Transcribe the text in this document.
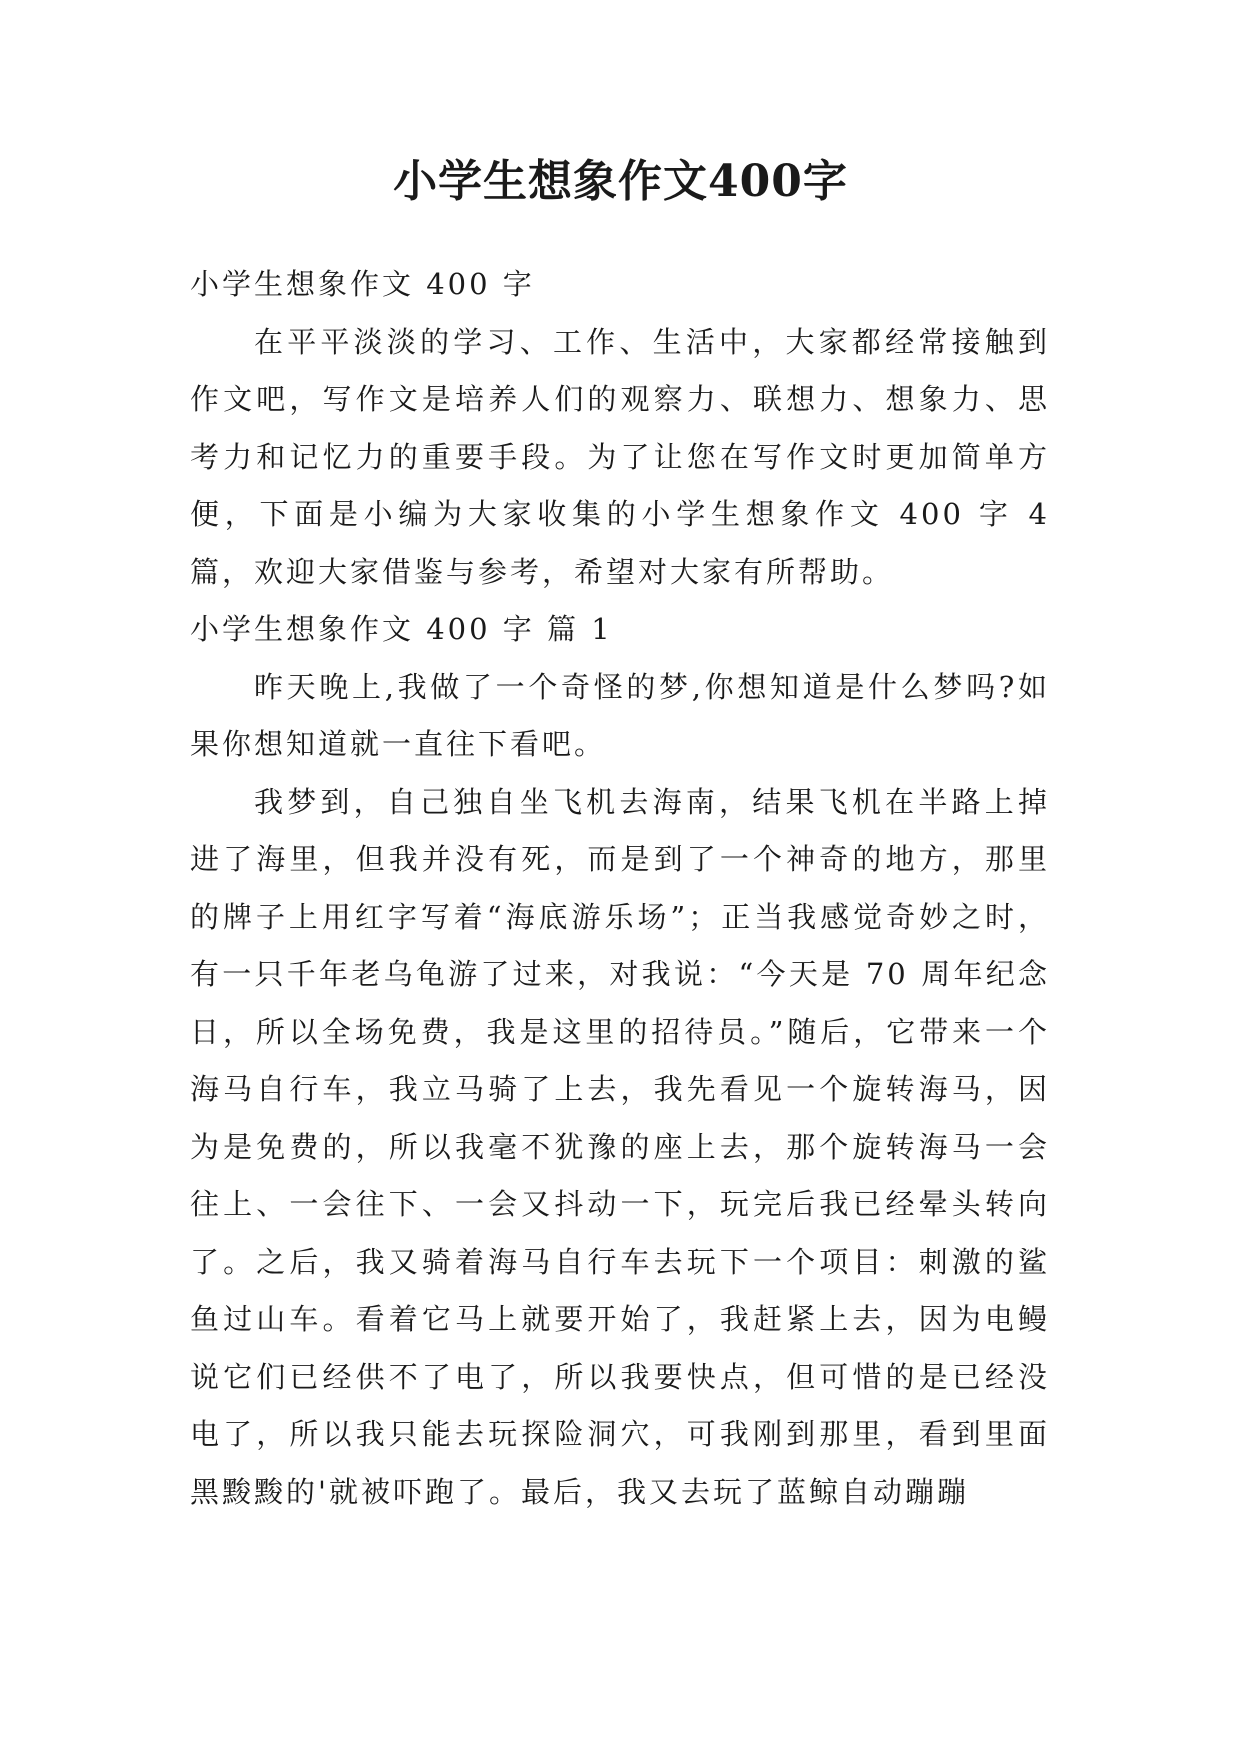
小学生想象作文400字

小学生想象作文 400 字

在平平淡淡的学习、工作、生活中，大家都经常接触到作文吧，写作文是培养人们的观察力、联想力、想象力、思考力和记忆力的重要手段。为了让您在写作文时更加简单方便，下面是小编为大家收集的小学生想象作文 400 字 4 篇，欢迎大家借鉴与参考，希望对大家有所帮助。

小学生想象作文 400 字 篇 1

昨天晚上,我做了一个奇怪的梦,你想知道是什么梦吗?如果你想知道就一直往下看吧。

我梦到，自己独自坐飞机去海南，结果飞机在半路上掉进了海里，但我并没有死，而是到了一个神奇的地方，那里的牌子上用红字写着“海底游乐场”；正当我感觉奇妙之时，有一只千年老乌龟游了过来，对我说：“今天是 70 周年纪念日，所以全场免费，我是这里的招待员。”随后，它带来一个海马自行车，我立马骑了上去，我先看见一个旋转海马，因为是免费的，所以我毫不犹豫的座上去，那个旋转海马一会往上、一会往下、一会又抖动一下，玩完后我已经晕头转向了。之后，我又骑着海马自行车去玩下一个项目：刺激的鲨鱼过山车。看着它马上就要开始了，我赶紧上去，因为电鳗说它们已经供不了电了，所以我要快点，但可惜的是已经没电了，所以我只能去玩探险洞穴，可我刚到那里，看到里面黑黢黢的'就被吓跑了。最后，我又去玩了蓝鲸自动蹦蹦
